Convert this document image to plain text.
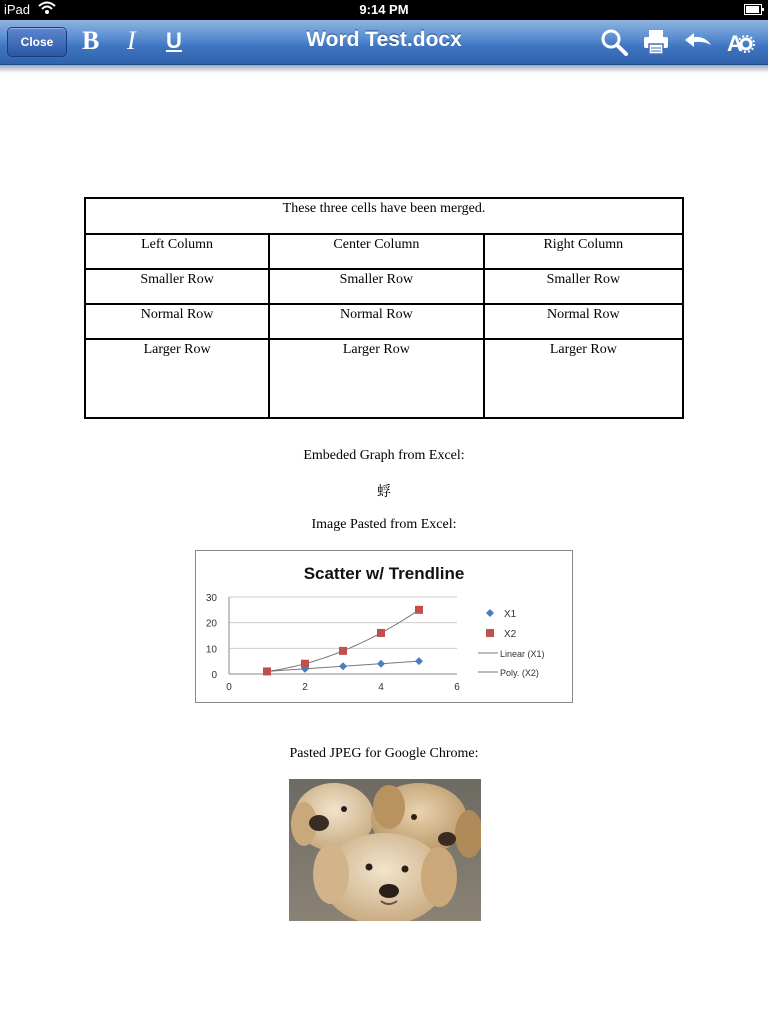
iPad	9:14 PM
Close	B I U	Word Test.docx	A
These three cells have been merged.		
Left Column	Center Column	Right Column
Smaller Row	Smaller Row	Smaller Row
Normal Row	Normal Row	Normal Row
Larger Row	Larger Row	Larger Row
Embeded Graph from Excel:
蜉
Image Pasted from Excel:
Scatter w/ Trendline
0
10
20
30
0	2	4	6
X1
X2
Linear (X1)
Poly. (X2)
Pasted JPEG for Google Chrome:
